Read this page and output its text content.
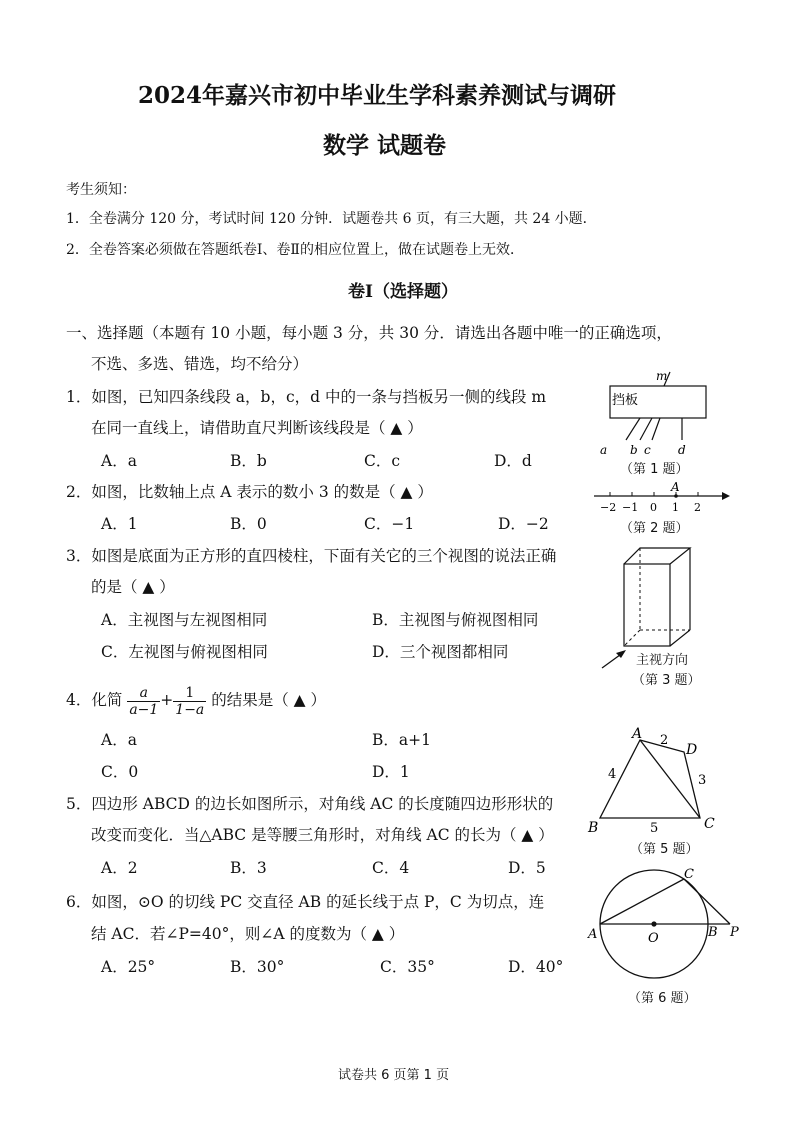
2024年嘉兴市初中毕业生学科素养测试与调研
数学 试题卷
考生须知：
1．全卷满分 120 分，考试时间 120 分钟．试题卷共 6 页，有三大题，共 24 小题．
2．全卷答案必须做在答题纸卷Ⅰ、卷Ⅱ的相应位置上，做在试题卷上无效．
卷Ⅰ（选择题）
一、选择题（本题有 10 小题，每小题 3 分，共 30 分．请选出各题中唯一的正确选项，
不选、多选、错选，均不给分）
1．如图，已知四条线段 a，b，c，d 中的一条与挡板另一侧的线段 m
在同一直线上，请借助直尺判断该线段是（ ▲ ）
A．a	B．b	C．c	D．d
挡板
m
a b c d
（第 1 题）
2．如图，比数轴上点 A 表示的数小 3 的数是（ ▲ ）
A．1	B．0	C．−1	D．−2
A
−2 −1 0 1 2
（第 2 题）
3．如图是底面为正方形的直四棱柱，下面有关它的三个视图的说法正确
的是（ ▲ ）
A．主视图与左视图相同	B．主视图与俯视图相同
C．左视图与俯视图相同	D．三个视图都相同	主视方向
（第 3 题）
4．化简 $\frac{a}{a-1} + \frac{1}{1-a}$ 的结果是（ ▲ ）
A．a	B．a+1
C．0	D．1
5．四边形 ABCD 的边长如图所示，对角线 AC 的长度随四边形形状的
改变而变化．当△ABC 是等腰三角形时，对角线 AC 的长为（ ▲ ）
A．2	B．3	C．4	D．5
A
B	C
D
2
3
4
5
（第 5 题）
6．如图，⊙O 的切线 PC 交直径 AB 的延长线于点 P，C 为切点，连
结 AC．若∠P=40°，则∠A 的度数为（ ▲ ）
A．25°	B．30°	C．35°	D．40°
A	B
C
O	P
（第 6 题）
试卷共 6 页第 1 页
